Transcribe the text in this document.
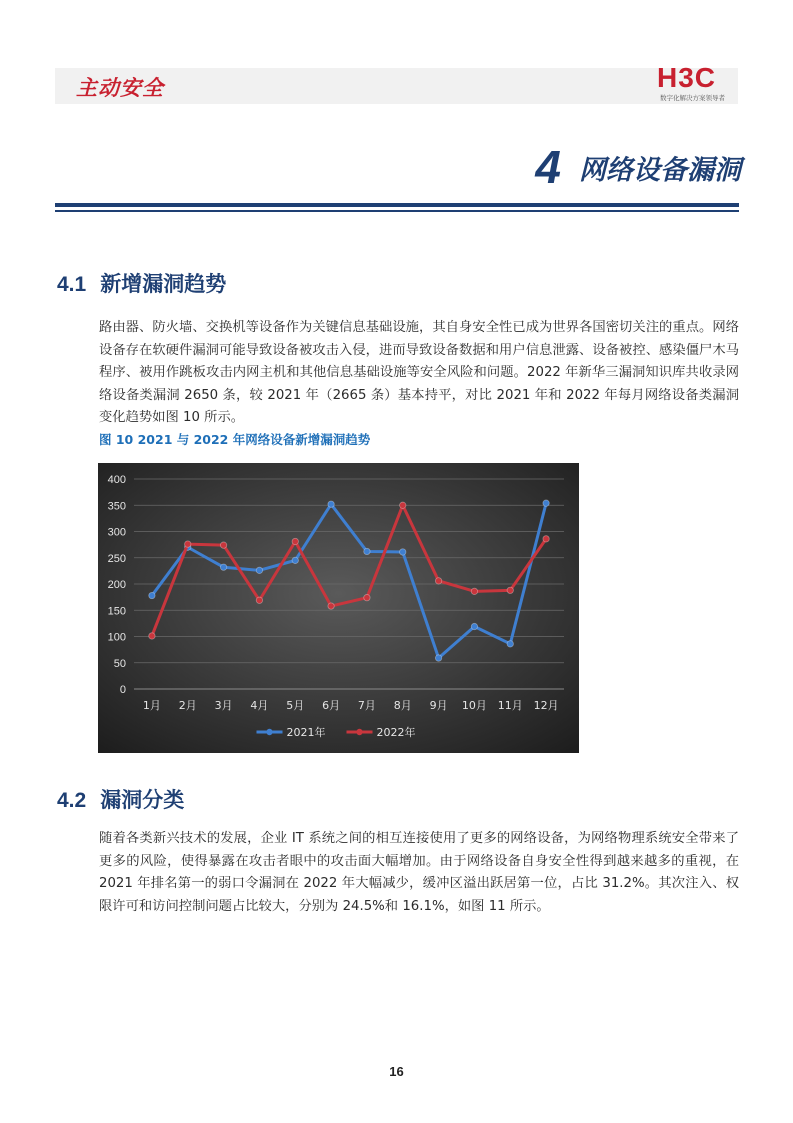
主动安全	H3C
数字化解决方案领导者
4 网络设备漏洞
4.1 新增漏洞趋势

路由器、防火墙、交换机等设备作为关键信息基础设施，其自身安全性已成为世界各国密切关注的重点。网络设备存在软硬件漏洞可能导致设备被攻击入侵，进而导致设备数据和用户信息泄露、设备被控、感染僵尸木马程序、被用作跳板攻击内网主机和其他信息基础设施等安全风险和问题。2022 年新华三漏洞知识库共收录网络设备类漏洞 2650 条，较 2021 年（2665 条）基本持平，对比 2021 年和 2022 年每月网络设备类漏洞变化趋势如图 10 所示。

图 10 2021 与 2022 年网络设备新增漏洞趋势
0
50
100
150
200
250
300
350
400
1月 2月 3月 4月 5月 6月 7月 8月 9月 10月 11月 12月
2021年	2022年
4.2 漏洞分类

随着各类新兴技术的发展，企业 IT 系统之间的相互连接使用了更多的网络设备，为网络物理系统安全带来了更多的风险，使得暴露在攻击者眼中的攻击面大幅增加。由于网络设备自身安全性得到越来越多的重视，在 2021 年排名第一的弱口令漏洞在 2022 年大幅减少，缓冲区溢出跃居第一位，占比 31.2%。其次注入、权限许可和访问控制问题占比较大，分别为 24.5%和 16.1%，如图 11 所示。

16
